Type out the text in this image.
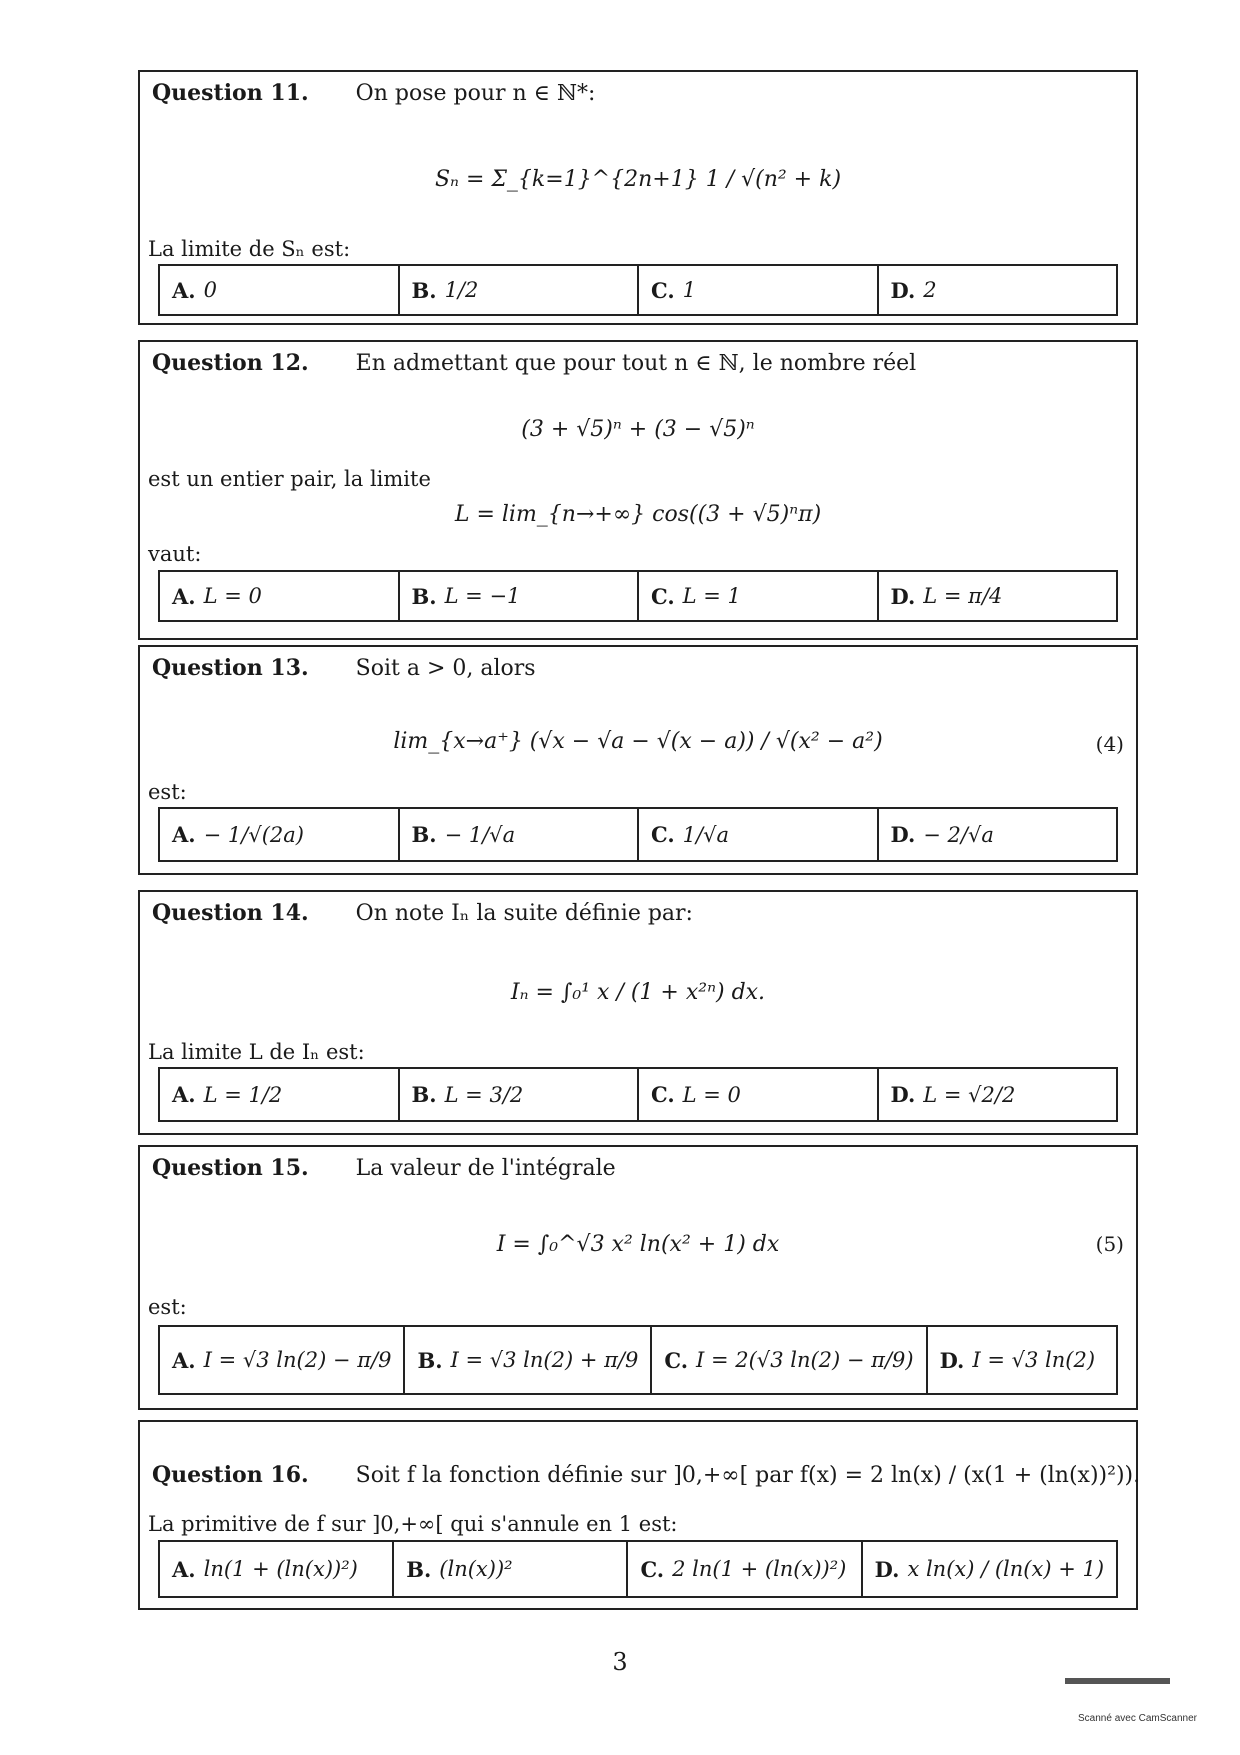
Question 11. On pose pour n ∈ ℕ*:
Sₙ = Σ_{k=1}^{2n+1} 1 / √(n² + k)
La limite de Sₙ est:
A. 0	B. 1/2	C. 1	D. 2
Question 12. En admettant que pour tout n ∈ ℕ, le nombre réel
(3 + √5)ⁿ + (3 − √5)ⁿ
est un entier pair, la limite
L = lim_{n→+∞} cos((3 + √5)ⁿπ)
vaut:
A. L = 0	B. L = −1	C. L = 1	D. L = π/4
Question 13. Soit a > 0, alors
lim_{x→a⁺} (√x − √a − √(x − a)) / √(x² − a²)	(4)
est:
A. − 1/√(2a)	B. − 1/√a	C. 1/√a	D. − 2/√a
Question 14. On note Iₙ la suite définie par:
Iₙ = ∫₀¹ x / (1 + x²ⁿ) dx.
La limite L de Iₙ est:
A. L = 1/2	B. L = 3/2	C. L = 0	D. L = √2/2
Question 15. La valeur de l'intégrale
I = ∫₀^√3 x² ln(x² + 1) dx	(5)
est:
A. I = √3 ln(2) − π/9 B. I = √3 ln(2) + π/9 C. I = 2(√3 ln(2) − π/9) D. I = √3 ln(2)
Question 16. Soit f la fonction définie sur ]0,+∞[ par f(x) = 2 ln(x) / (x(1 + (ln(x))²)).
La primitive de f sur ]0,+∞[ qui s'annule en 1 est:
A. ln(1 + (ln(x))²) B. (ln(x))²	C. 2 ln(1 + (ln(x))²) D. x ln(x) / (ln(x) + 1)
3
Scanné avec CamScanner
